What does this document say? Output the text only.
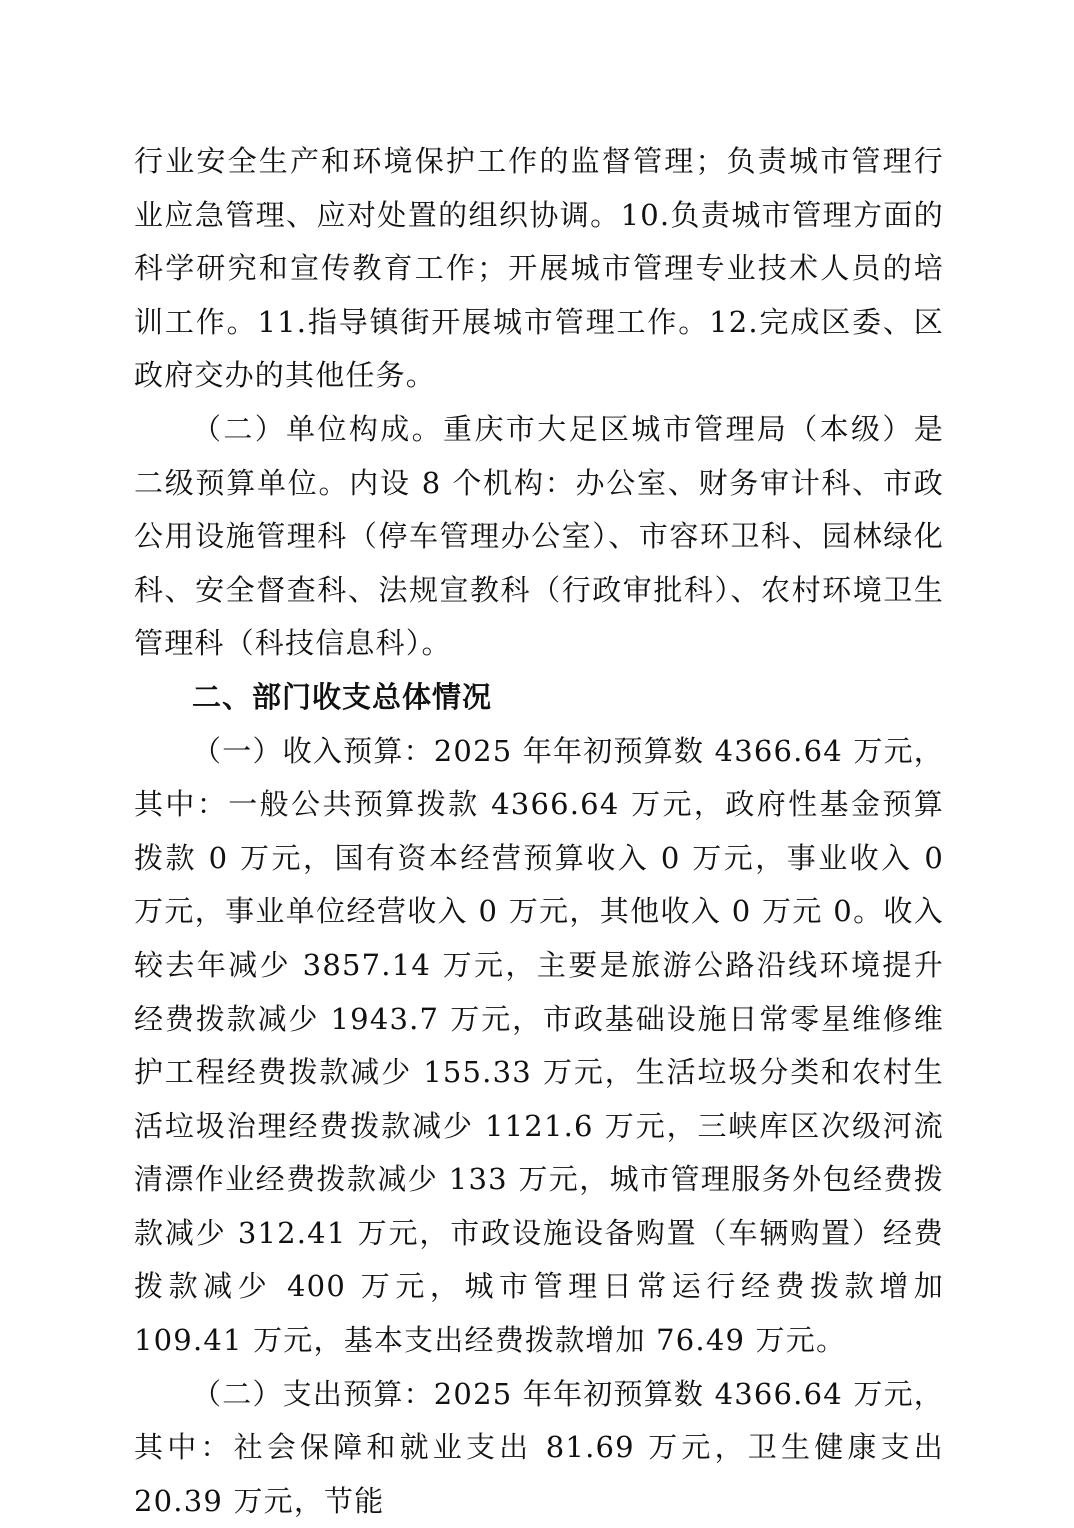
行业安全生产和环境保护工作的监督管理；负责城市管理行业应急管理、应对处置的组织协调。10.负责城市管理方面的科学研究和宣传教育工作；开展城市管理专业技术人员的培训工作。11.指导镇街开展城市管理工作。12.完成区委、区政府交办的其他任务。

（二）单位构成。重庆市大足区城市管理局（本级）是二级预算单位。内设 8 个机构：办公室、财务审计科、市政公用设施管理科（停车管理办公室）、市容环卫科、园林绿化科、安全督查科、法规宣教科（行政审批科）、农村环境卫生管理科（科技信息科）。

二、部门收支总体情况

（一）收入预算：2025 年年初预算数 4366.64 万元，其中：一般公共预算拨款 4366.64 万元，政府性基金预算拨款 0 万元，国有资本经营预算收入 0 万元，事业收入 0 万元，事业单位经营收入 0 万元，其他收入 0 万元 0。收入较去年减少 3857.14 万元，主要是旅游公路沿线环境提升经费拨款减少 1943.7 万元，市政基础设施日常零星维修维护工程经费拨款减少 155.33 万元，生活垃圾分类和农村生活垃圾治理经费拨款减少 1121.6 万元，三峡库区次级河流清漂作业经费拨款减少 133 万元，城市管理服务外包经费拨款减少 312.41 万元，市政设施设备购置（车辆购置）经费拨款减少 400 万元，城市管理日常运行经费拨款增加 109.41 万元，基本支出经费拨款增加 76.49 万元。

（二）支出预算：2025 年年初预算数 4366.64 万元，其中：社会保障和就业支出 81.69 万元，卫生健康支出 20.39 万元，节能
